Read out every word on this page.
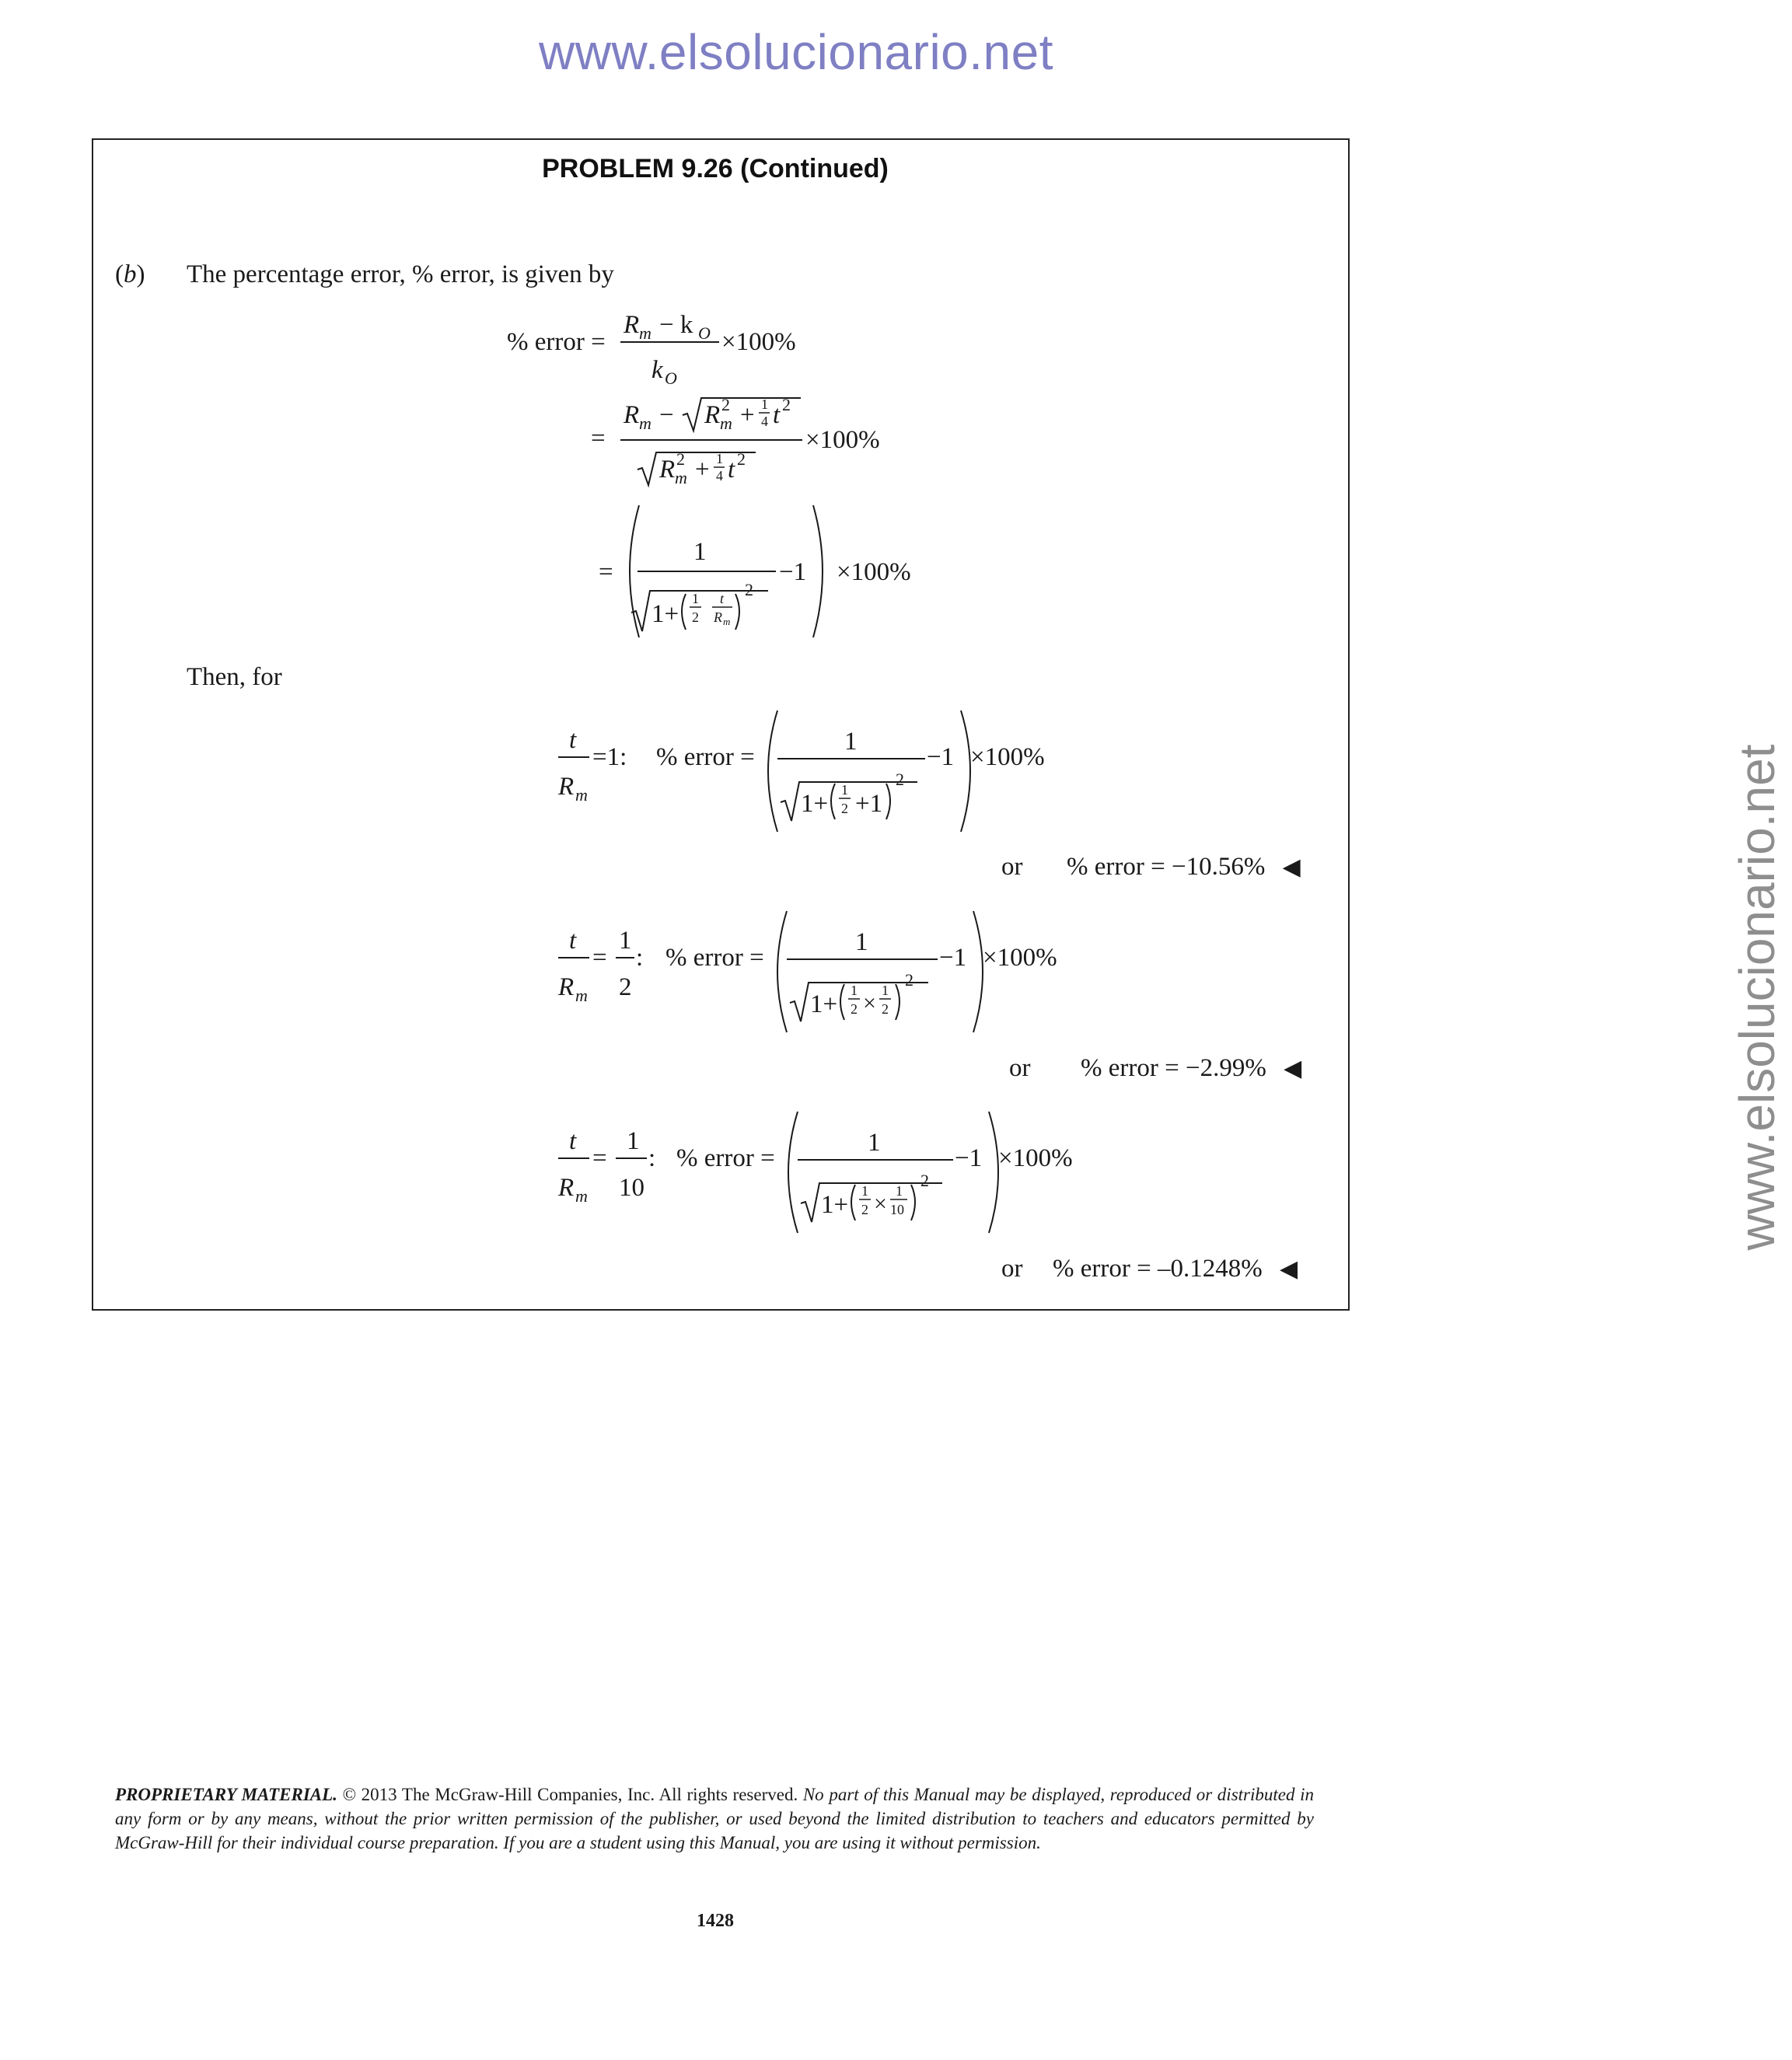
www.elsolucionario.net
www.elsolucionario.net
PROBLEM 9.26 (Continued)
(b) The percentage error, % error, is given by
% error =
R m − k O
k O
×100%
=
R m − R 2
m + 1
4 t 2
R 2
m + 1
4 t 2
×100%
=
1
1+
1
2
t
R m
2
−1 ×100%
Then, for
t
R m
=1: % error =
1
1+ 1
2 +1
2
−1 ×100%
or % error = −10.56% ◀
t
R m
=
1
2
: % error =
1
1+ 1
2 × 1
2
2
−1 ×100%
or % error = −2.99% ◀
t
R m
=
1
10
: % error =
1
1+ 1
2 × 1
10
2
−1 ×100%
or % error = –0.1248% ◀
PROPRIETARY MATERIAL. © 2013 The McGraw-Hill Companies, Inc. All rights reserved. No part of this Manual may be displayed, reproduced or distributed in any form or by any means, without the prior written permission of the publisher, or used beyond the limited distribution to teachers and educators permitted by McGraw-Hill for their individual course preparation. If you are a student using this Manual, you are using it without permission.
1428
